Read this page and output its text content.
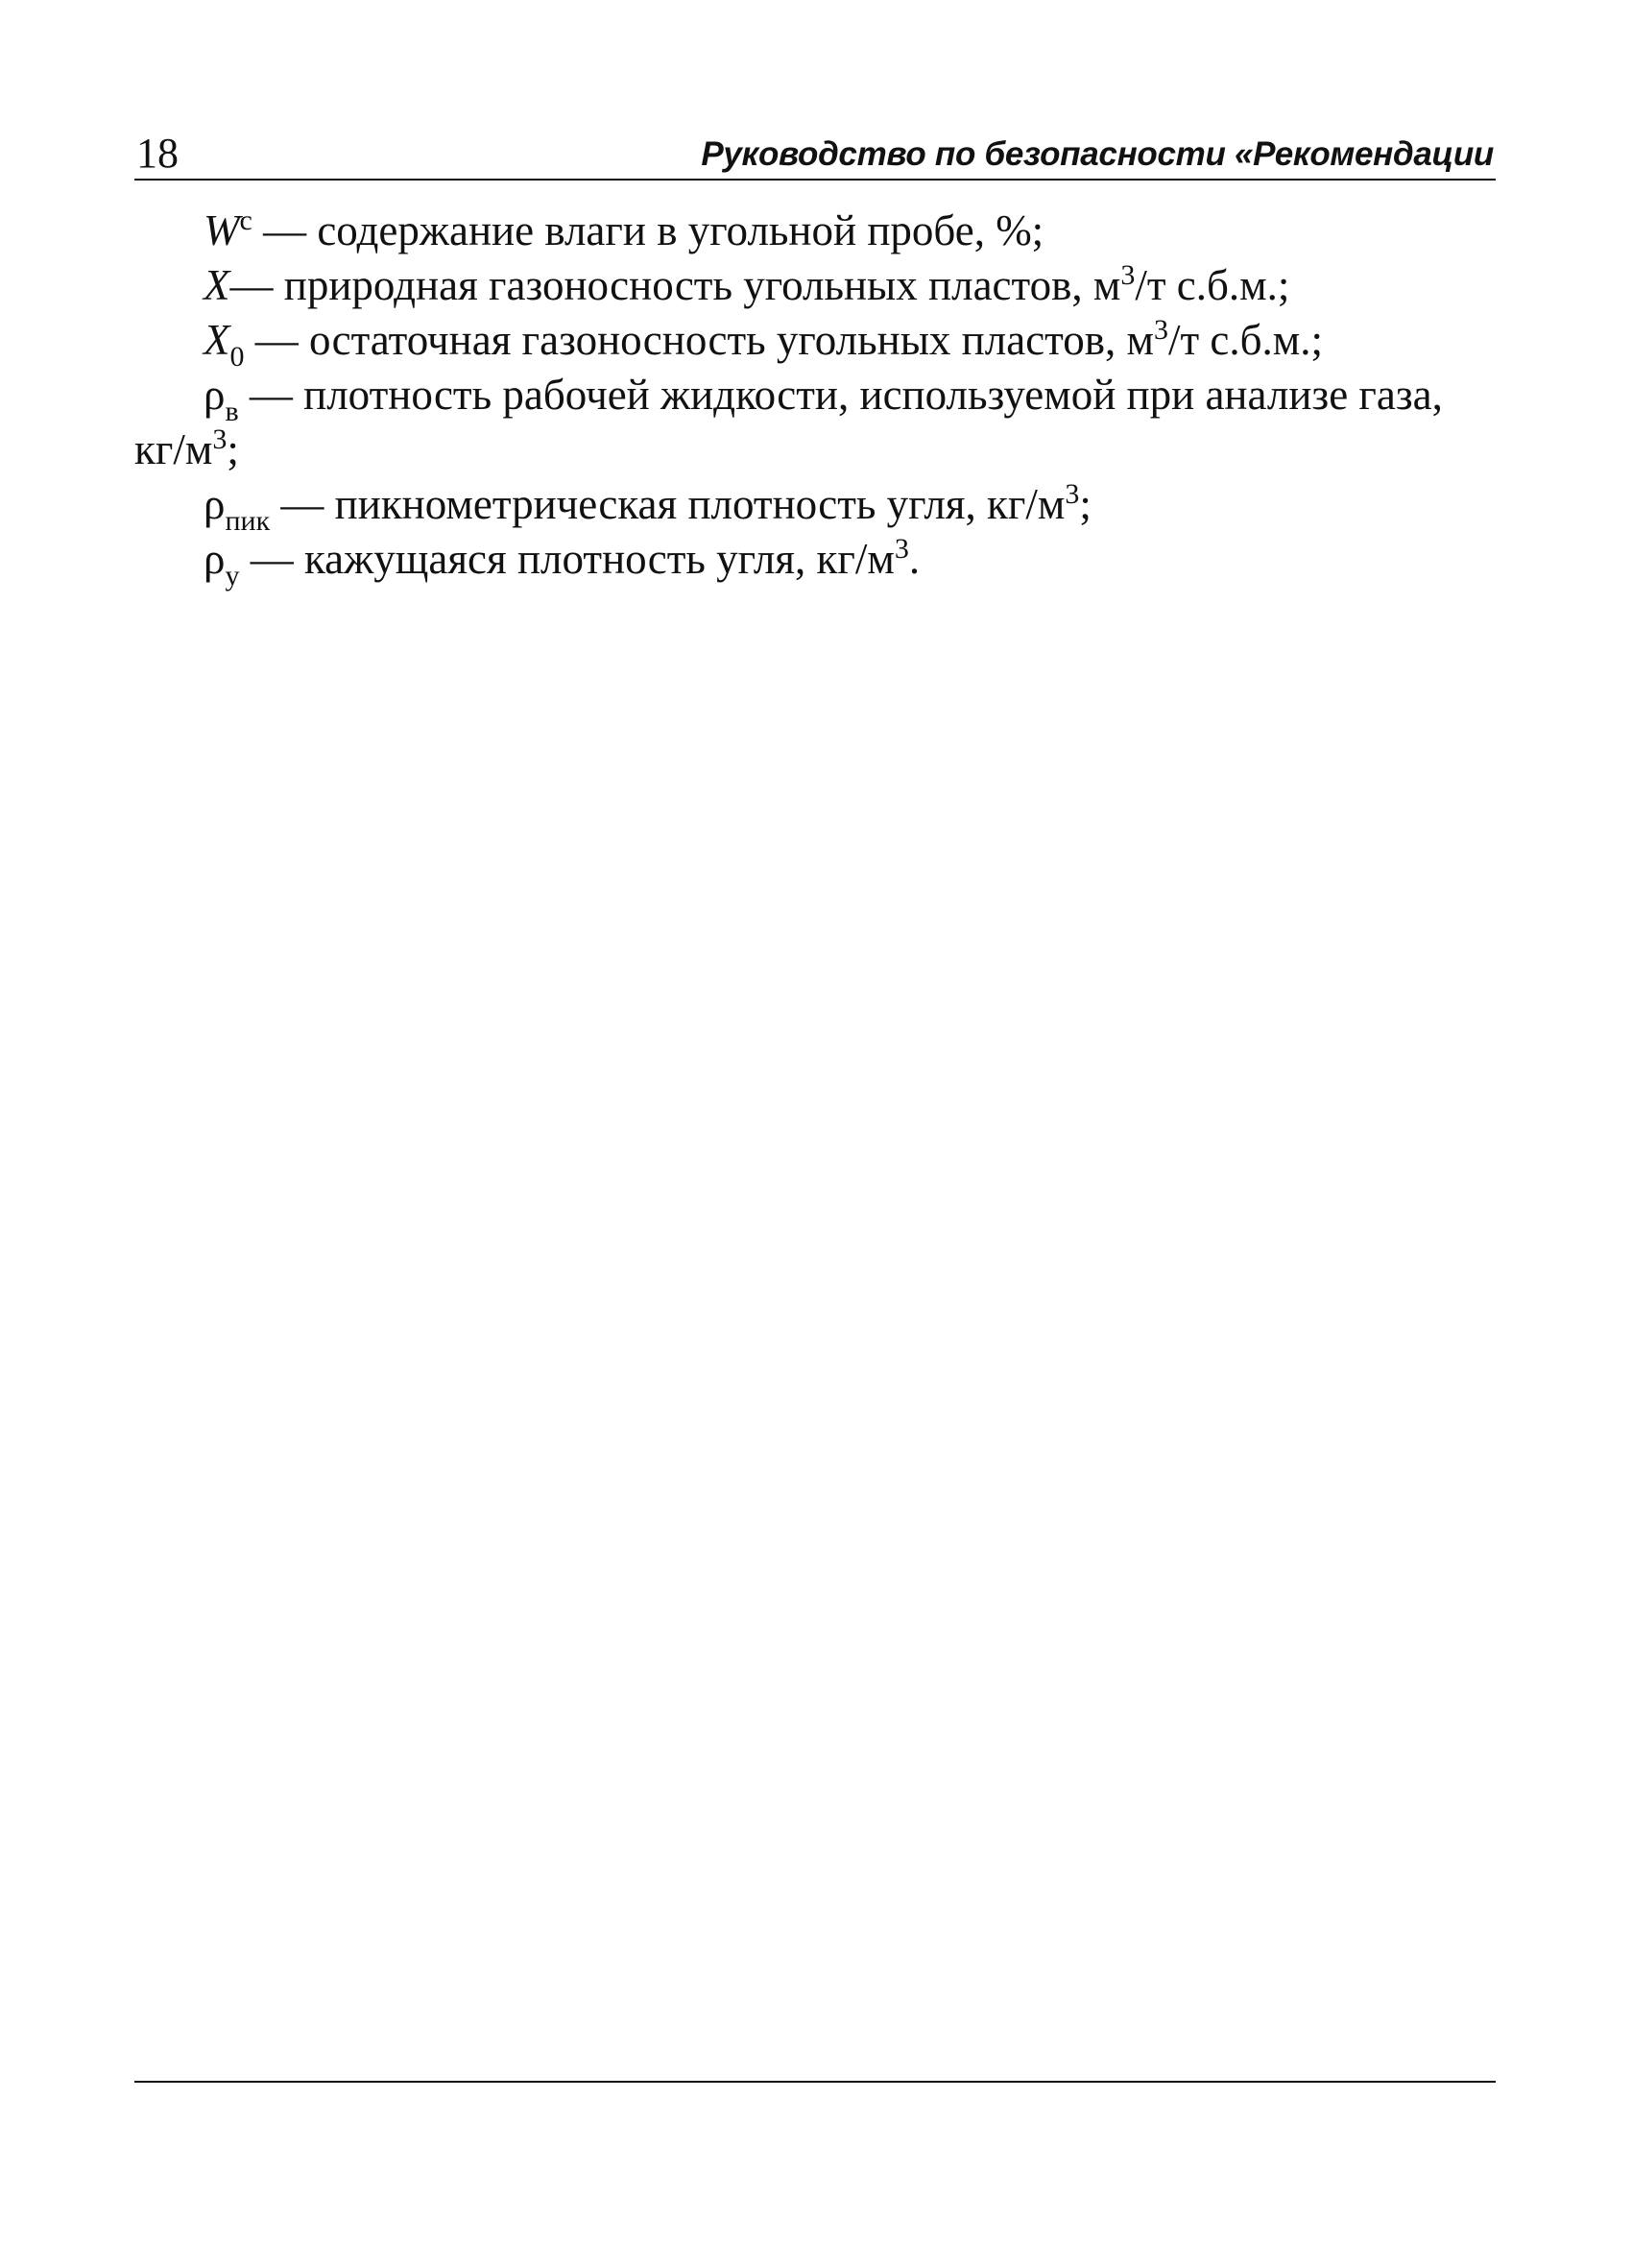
18	Руководство по безопасности «Рекомендации

$W^c$ — содержание влаги в угольной пробе, %;

X— природная газоносность угольных пластов, $м^3/т$ с.б.м.;

$X_0$ — остаточная газоносность угольных пластов, $м^3/т$ с.б.м.;

$\rho_в$ — плотность рабочей жидкости, используемой при анализе газа, $кг/м^3$;

$\rho_{пик}$ — пикнометрическая плотность угля, $кг/м^3$;

$\rho_у$ — кажущаяся плотность угля, $кг/м^3$.
